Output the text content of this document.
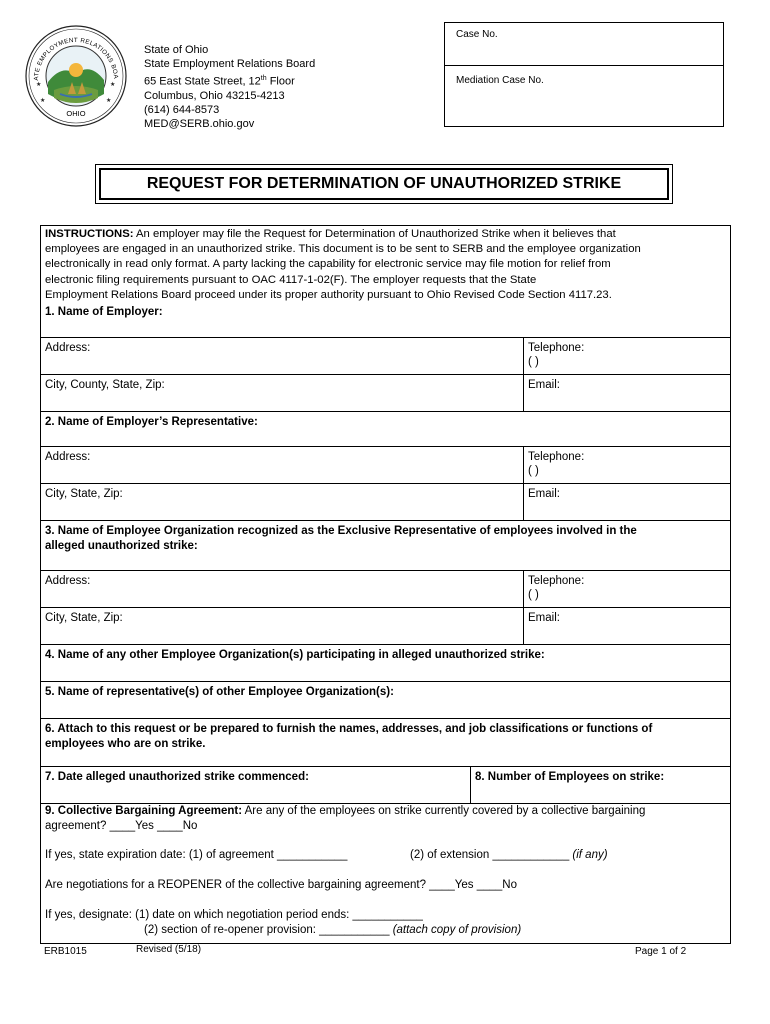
★	★
★	★
ATE EMPLOYMENT RELATIONS BOA
OHIO
State of Ohio
State Employment Relations Board
65 East State Street, 12th Floor
Columbus, Ohio 43215-4213
(614) 644-8573
MED@SERB.ohio.gov
Case No.
Mediation Case No.
REQUEST FOR DETERMINATION OF UNAUTHORIZED STRIKE
INSTRUCTIONS: An employer may file the Request for Determination of Unauthorized Strike when it believes that
employees are engaged in an unauthorized strike. This document is to be sent to SERB and the employee organization
electronically in read only format. A party lacking the capability for electronic service may file motion for relief from
electronic filing requirements pursuant to OAC 4117-1-02(F). The employer requests that the State
Employment Relations Board proceed under its proper authority pursuant to Ohio Revised Code Section 4117.23.
1. Name of Employer:
Address:	Telephone:
( )
City, County, State, Zip:	Email:
2. Name of Employer’s Representative:
Address:	Telephone:
( )
City, State, Zip:	Email:
3. Name of Employee Organization recognized as the Exclusive Representative of employees involved in the
alleged unauthorized strike:
Address:	Telephone:
( )
City, State, Zip:	Email:
4. Name of any other Employee Organization(s) participating in alleged unauthorized strike:
5. Name of representative(s) of other Employee Organization(s):
6. Attach to this request or be prepared to furnish the names, addresses, and job classifications or functions of
employees who are on strike.
7. Date alleged unauthorized strike commenced:	8. Number of Employees on strike:
9. Collective Bargaining Agreement: Are any of the employees on strike currently covered by a collective bargaining
agreement? ____Yes ____No
If yes, state expiration date: (1) of agreement ___________	(2) of extension ____________ (if any)
Are negotiations for a REOPENER of the collective bargaining agreement? ____Yes ____No
If yes, designate: (1) date on which negotiation period ends: ___________
(2) section of re-opener provision: ___________ (attach copy of provision)
ERB1015	Revised (5/18)	Page 1 of 2
